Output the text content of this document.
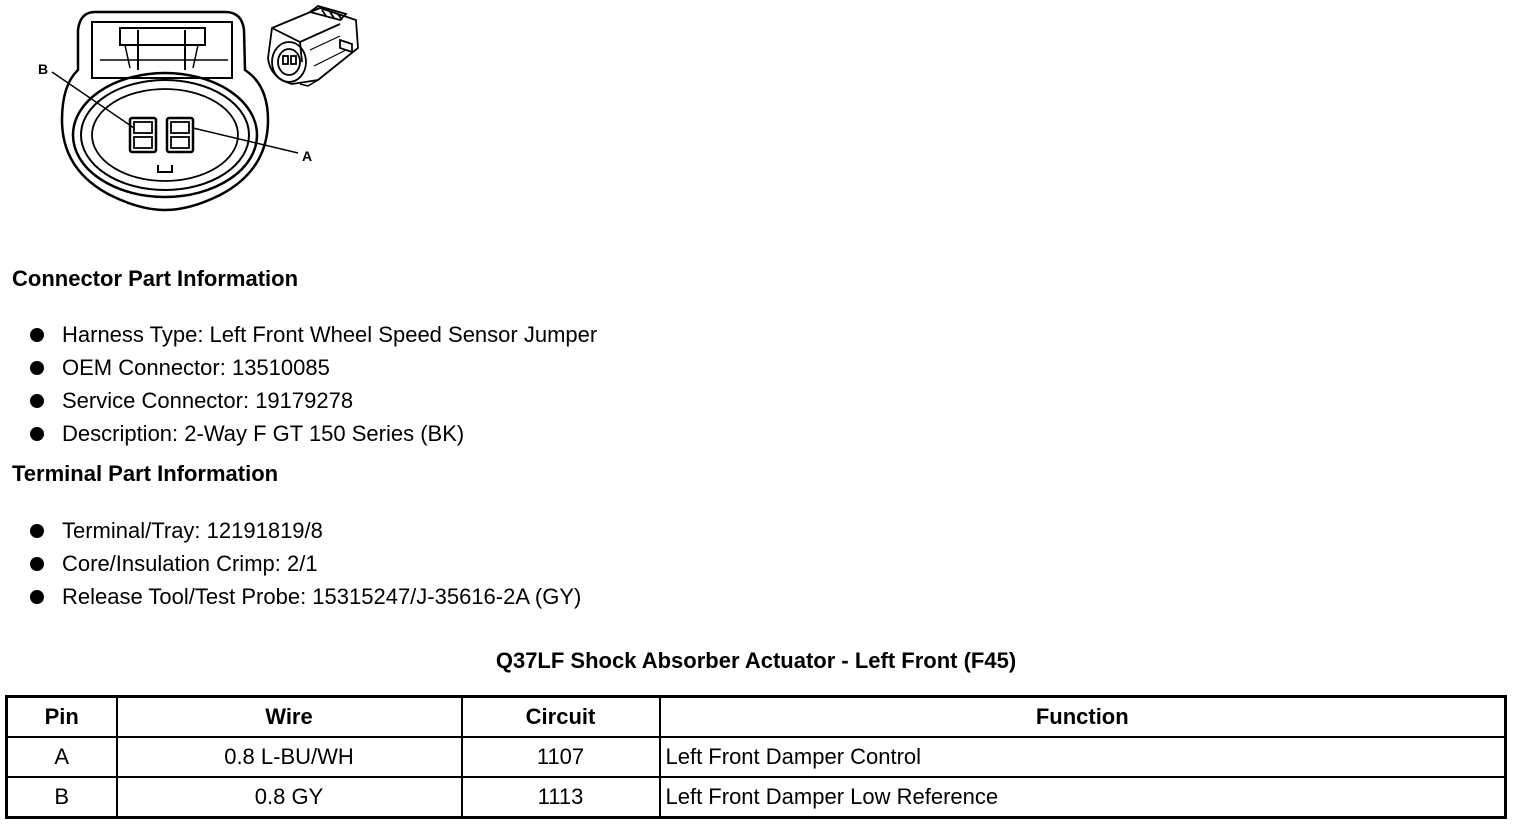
B
A
Connector Part Information
Harness Type: Left Front Wheel Speed Sensor Jumper
OEM Connector: 13510085
Service Connector: 19179278
Description: 2-Way F GT 150 Series (BK)
Terminal Part Information
Terminal/Tray: 12191819/8
Core/Insulation Crimp: 2/1
Release Tool/Test Probe: 15315247/J-35616-2A (GY)
Q37LF Shock Absorber Actuator - Left Front (F45)
Pin	Wire	Circuit	Function
A	0.8 L-BU/WH	1107	Left Front Damper Control
B	0.8 GY	1113	Left Front Damper Low Reference
